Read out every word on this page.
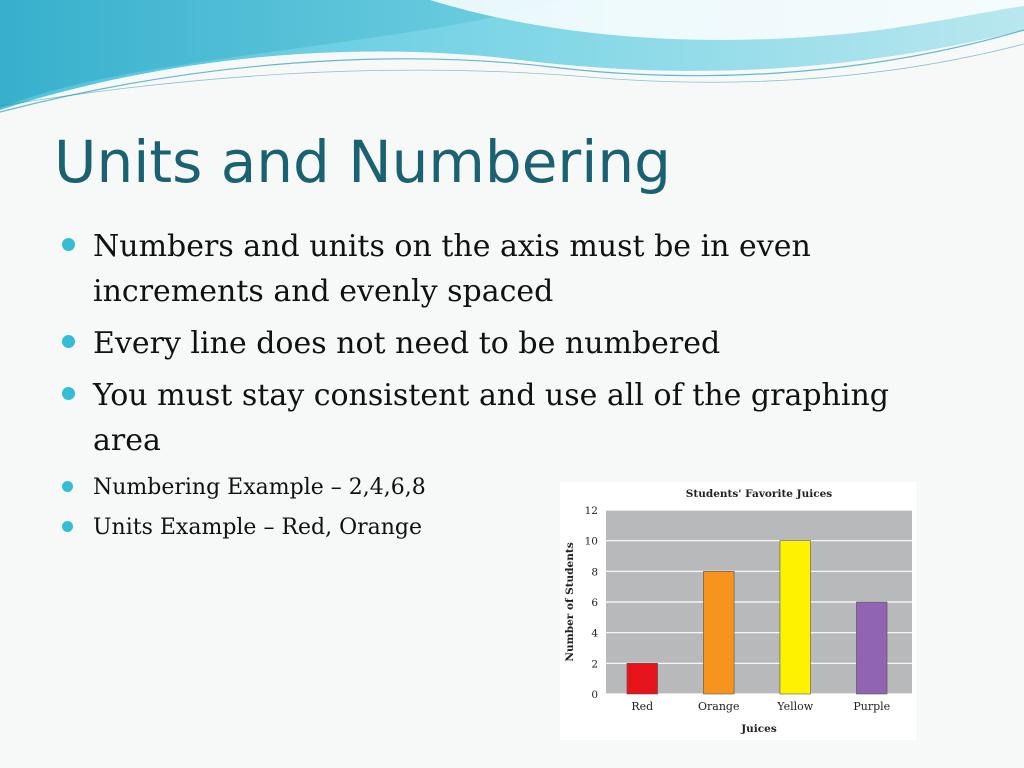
Units and Numbering
Numbers and units on the axis must be in even increments and evenly spaced
Every line does not need to be numbered
You must stay consistent and use all of the graphing area
Numbering Example – 2,4,6,8
Units Example – Red, Orange
Students' Favorite Juices
0
2
4
6
8
10
12
Red	Orange	Yellow	Purple
Juices
Number of Students
